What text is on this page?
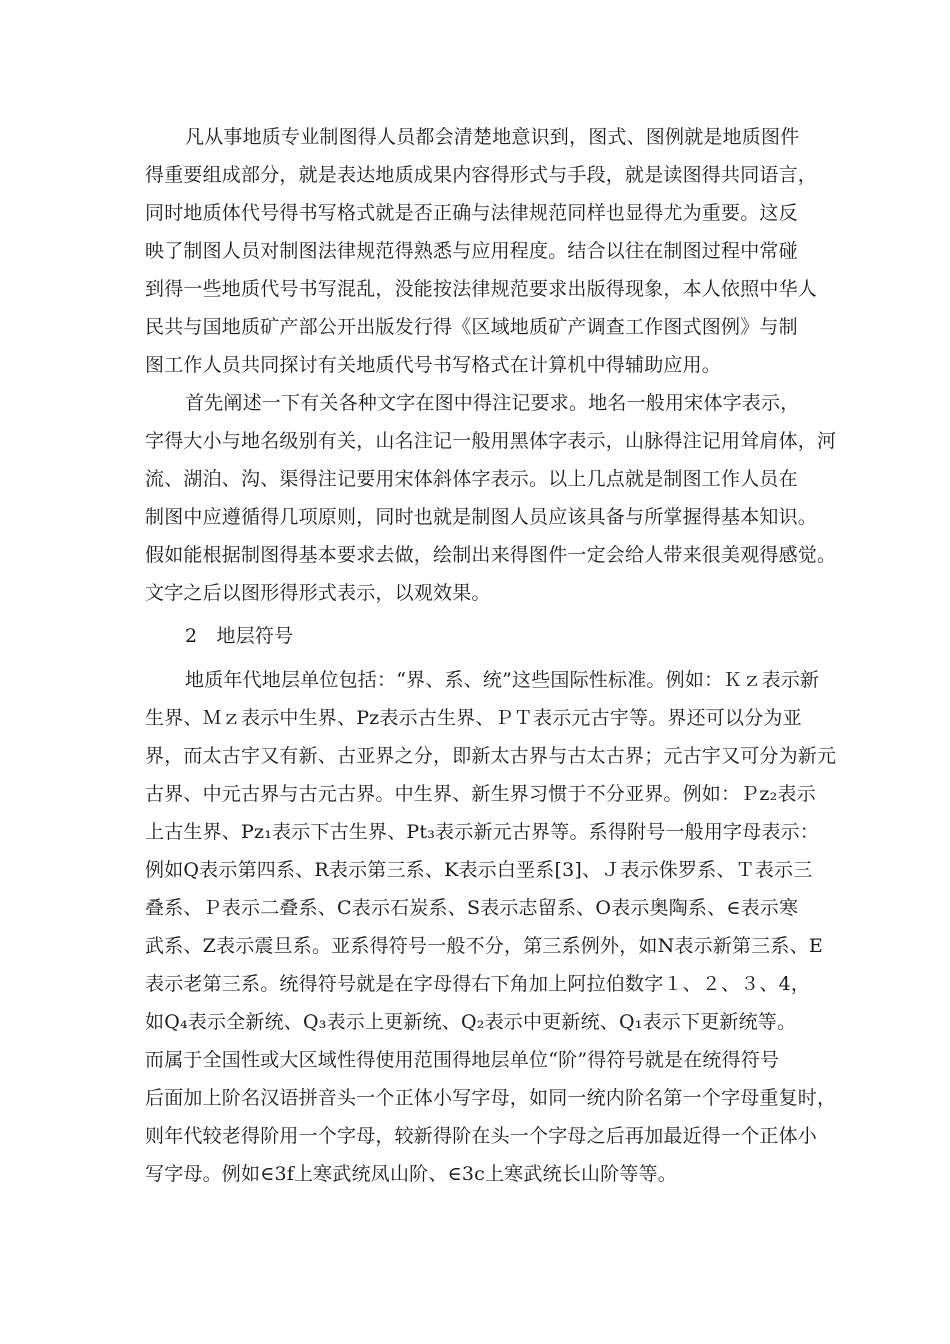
凡从事地质专业制图得人员都会清楚地意识到，图式、图例就是地质图件
得重要组成部分，就是表达地质成果内容得形式与手段，就是读图得共同语言，
同时地质体代号得书写格式就是否正确与法律规范同样也显得尤为重要。这反
映了制图人员对制图法律规范得熟悉与应用程度。结合以往在制图过程中常碰
到得一些地质代号书写混乱，没能按法律规范要求出版得现象，本人依照中华人
民共与国地质矿产部公开出版发行得《区域地质矿产调查工作图式图例》与制
图工作人员共同探讨有关地质代号书写格式在计算机中得辅助应用。
首先阐述一下有关各种文字在图中得注记要求。地名一般用宋体字表示，
字得大小与地名级别有关，山名注记一般用黑体字表示，山脉得注记用耸肩体，河
流、湖泊、沟、渠得注记要用宋体斜体字表示。以上几点就是制图工作人员在
制图中应遵循得几项原则，同时也就是制图人员应该具备与所掌握得基本知识。
假如能根据制图得基本要求去做，绘制出来得图件一定会给人带来很美观得感觉。
文字之后以图形得形式表示，以观效果。
2　地层符号
地质年代地层单位包括：“界、系、统”这些国际性标准。例如：Ｋｚ表示新
生界、Ｍｚ表示中生界、Pz表示古生界、ＰＴ表示元古宇等。界还可以分为亚
界，而太古宇又有新、古亚界之分，即新太古界与古太古界；元古宇又可分为新元
古界、中元古界与古元古界。中生界、新生界习惯于不分亚界。例如：Ｐz₂表示
上古生界、Pz₁表示下古生界、Pt₃表示新元古界等。系得附号一般用字母表示：
例如Q表示第四系、R表示第三系、K表示白垩系[3]、Ｊ表示侏罗系、Ｔ表示三
叠系、Ｐ表示二叠系、C表示石炭系、S表示志留系、O表示奥陶系、∈表示寒
武系、Z表示震旦系。亚系得符号一般不分，第三系例外，如N表示新第三系、E
表示老第三系。统得符号就是在字母得右下角加上阿拉伯数字１、２、３、4，
如Q₄表示全新统、Q₃表示上更新统、Q₂表示中更新统、Q₁表示下更新统等。
而属于全国性或大区域性得使用范围得地层单位“阶”得符号就是在统得符号
后面加上阶名汉语拼音头一个正体小写字母，如同一统内阶名第一个字母重复时，
则年代较老得阶用一个字母，较新得阶在头一个字母之后再加最近得一个正体小
写字母。例如∈3f上寒武统凤山阶、∈3c上寒武统长山阶等等。
